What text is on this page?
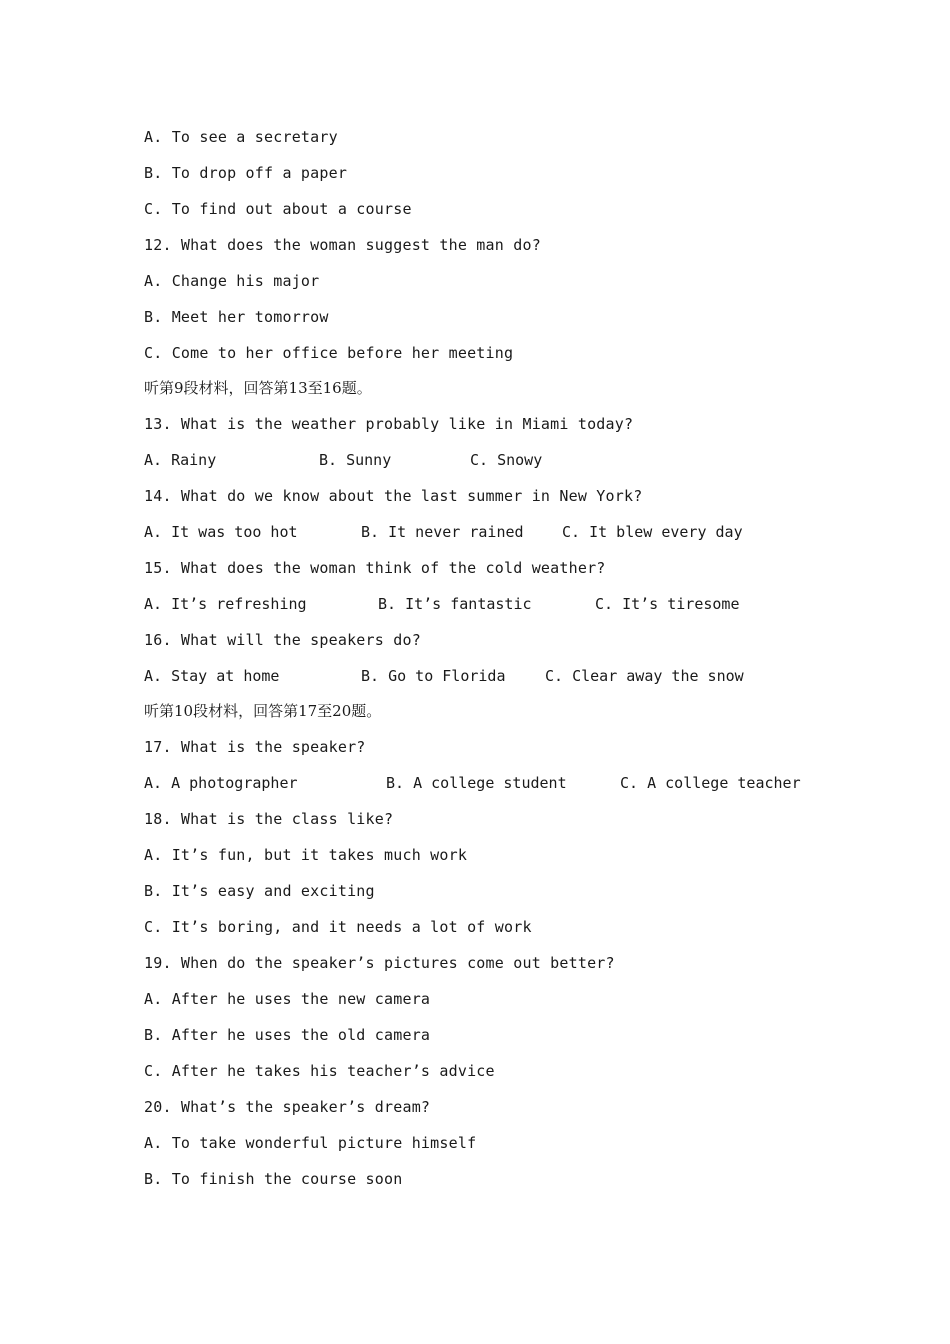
A. To see a secretary
B. To drop off a paper
C. To find out about a course
12. What does the woman suggest the man do?
A. Change his major
B. Meet her tomorrow
C. Come to her office before her meeting
听第9段材料，回答第13至16题。
13. What is the weather probably like in Miami today?
A. Rainy	B. Sunny	C. Snowy
14. What do we know about the last summer in New York?
A. It was too hot	B. It never rained	C. It blew every day
15. What does the woman think of the cold weather?
A. It’s refreshing	B. It’s fantastic	C. It’s tiresome
16. What will the speakers do?
A. Stay at home	B. Go to Florida	C. Clear away the snow
听第10段材料，回答第17至20题。
17. What is the speaker?
A. A photographer	B. A college student	C. A college teacher
18. What is the class like?
A. It’s fun, but it takes much work
B. It’s easy and exciting
C. It’s boring, and it needs a lot of work
19. When do the speaker’s pictures come out better?
A. After he uses the new camera
B. After he uses the old camera
C. After he takes his teacher’s advice
20. What’s the speaker’s dream?
A. To take wonderful picture himself
B. To finish the course soon
